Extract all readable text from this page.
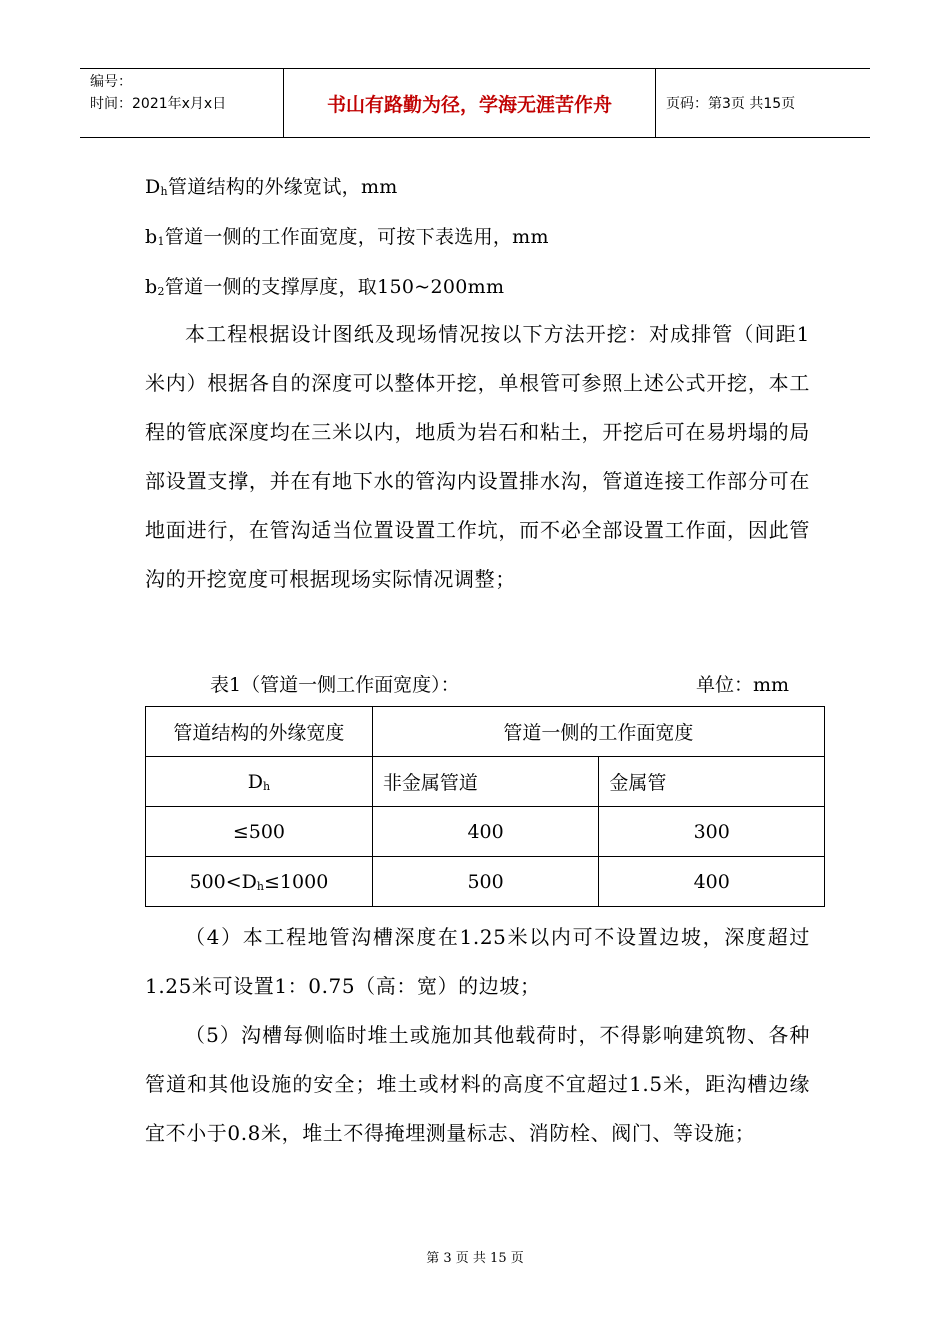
编号：
时间：2021年x月x日	书山有路勤为径，学海无涯苦作舟	页码：第3页 共15页
Dh管道结构的外缘宽试，mm
b1管道一侧的工作面宽度，可按下表选用，mm
b2管道一侧的支撑厚度，取150~200mm
本工程根据设计图纸及现场情况按以下方法开挖：对成排管（间距1米内）根据各自的深度可以整体开挖，单根管可参照上述公式开挖，本工程的管底深度均在三米以内，地质为岩石和粘土，开挖后可在易坍塌的局部设置支撑，并在有地下水的管沟内设置排水沟，管道连接工作部分可在地面进行，在管沟适当位置设置工作坑，而不必全部设置工作面，因此管沟的开挖宽度可根据现场实际情况调整；
表1（管道一侧工作面宽度）：	单位：mm
管道结构的外缘宽度	管道一侧的工作面宽度	
Dh	非金属管道	金属管
≤500	400	300
500<Dh≤1000	500	400
（4）本工程地管沟槽深度在1.25米以内可不设置边坡，深度超过1.25米可设置1：0.75（高：宽）的边坡；
（5）沟槽每侧临时堆土或施加其他载荷时，不得影响建筑物、各种管道和其他设施的安全；堆土或材料的高度不宜超过1.5米，距沟槽边缘宜不小于0.8米，堆土不得掩埋测量标志、消防栓、阀门、等设施；
第 3 页 共 15 页
